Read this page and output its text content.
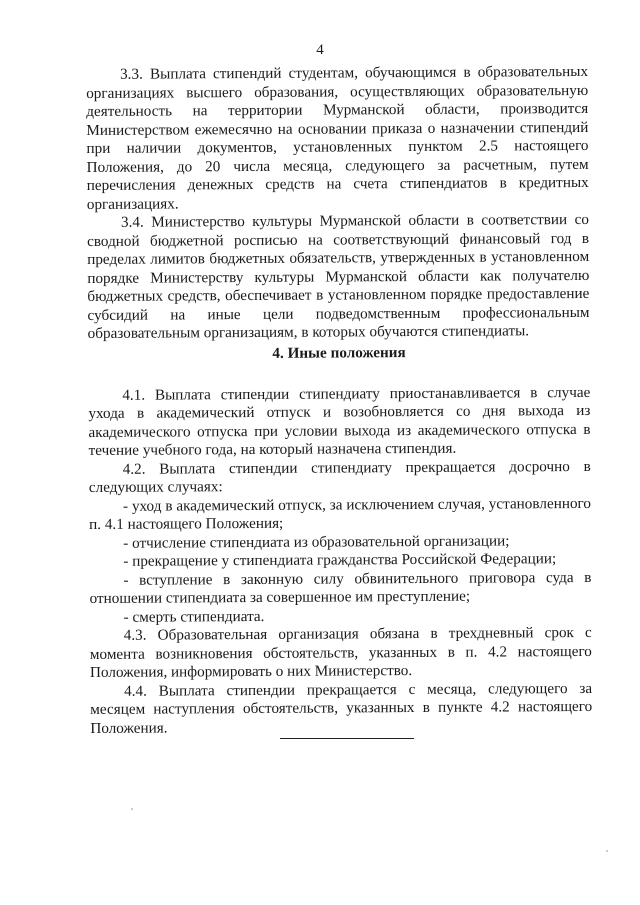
4

3.3. Выплата стипендий студентам, обучающимся в образовательных организациях высшего образования, осуществляющих образовательную деятельность на территории Мурманской области, производится Министерством ежемесячно на основании приказа о назначении стипендий при наличии документов, установленных пунктом 2.5 настоящего Положения, до 20 числа месяца, следующего за расчетным, путем перечисления денежных средств на счета стипендиатов в кредитных организациях.

3.4. Министерство культуры Мурманской области в соответствии со сводной бюджетной росписью на соответствующий финансовый год в пределах лимитов бюджетных обязательств, утвержденных в установленном порядке Министерству культуры Мурманской области как получателю бюджетных средств, обеспечивает в установленном порядке предоставление субсидий на иные цели подведомственным профессиональным образовательным организациям, в которых обучаются стипендиаты.

4. Иные положения

4.1. Выплата стипендии стипендиату приостанавливается в случае ухода в академический отпуск и возобновляется со дня выхода из академического отпуска при условии выхода из академического отпуска в течение учебного года, на который назначена стипендия.

4.2. Выплата стипендии стипендиату прекращается досрочно в следующих случаях:

- уход в академический отпуск, за исключением случая, установленного п. 4.1 настоящего Положения;

- отчисление стипендиата из образовательной организации;

- прекращение у стипендиата гражданства Российской Федерации;

- вступление в законную силу обвинительного приговора суда в отношении стипендиата за совершенное им преступление;

- смерть стипендиата.

4.3. Образовательная организация обязана в трехдневный срок с момента возникновения обстоятельств, указанных в п. 4.2 настоящего Положения, информировать о них Министерство.

4.4. Выплата стипендии прекращается с месяца, следующего за месяцем наступления обстоятельств, указанных в пункте 4.2 настоящего Положения.
